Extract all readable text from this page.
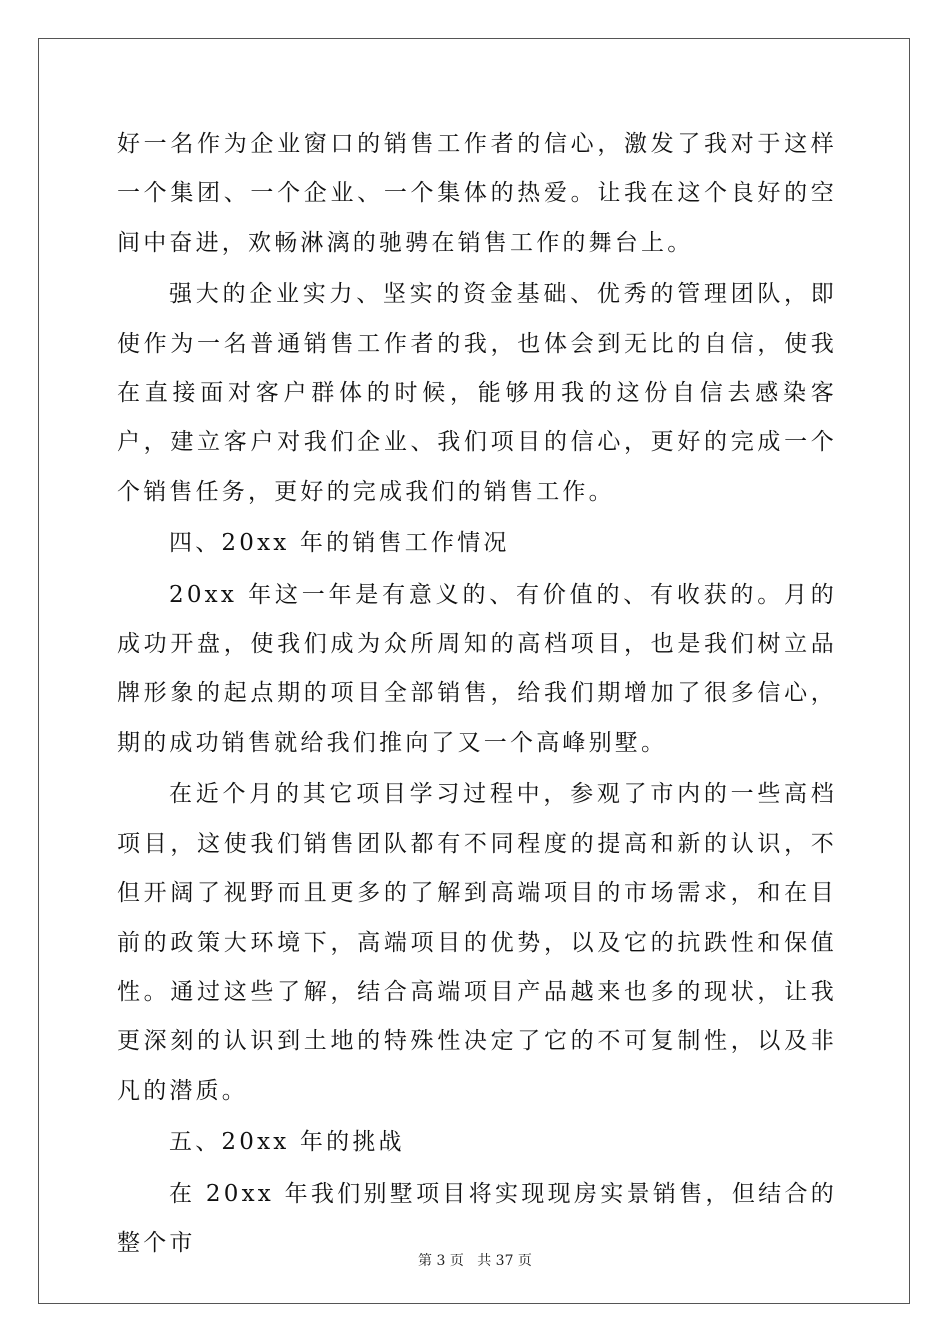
好一名作为企业窗口的销售工作者的信心，激发了我对于这样一个集团、一个企业、一个集体的热爱。让我在这个良好的空间中奋进，欢畅淋漓的驰骋在销售工作的舞台上。

强大的企业实力、坚实的资金基础、优秀的管理团队，即使作为一名普通销售工作者的我，也体会到无比的自信，使我在直接面对客户群体的时候，能够用我的这份自信去感染客户，建立客户对我们企业、我们项目的信心，更好的完成一个个销售任务，更好的完成我们的销售工作。

四、20xx 年的销售工作情况

20xx 年这一年是有意义的、有价值的、有收获的。月的成功开盘，使我们成为众所周知的高档项目，也是我们树立品牌形象的起点期的项目全部销售，给我们期增加了很多信心，期的成功销售就给我们推向了又一个高峰别墅。

在近个月的其它项目学习过程中，参观了市内的一些高档项目，这使我们销售团队都有不同程度的提高和新的认识，不但开阔了视野而且更多的了解到高端项目的市场需求，和在目前的政策大环境下，高端项目的优势，以及它的抗跌性和保值性。通过这些了解，结合高端项目产品越来也多的现状，让我更深刻的认识到土地的特殊性决定了它的不可复制性，以及非凡的潜质。

五、20xx 年的挑战

在 20xx 年我们别墅项目将实现现房实景销售，但结合的整个市

第 3 页 共 37 页
